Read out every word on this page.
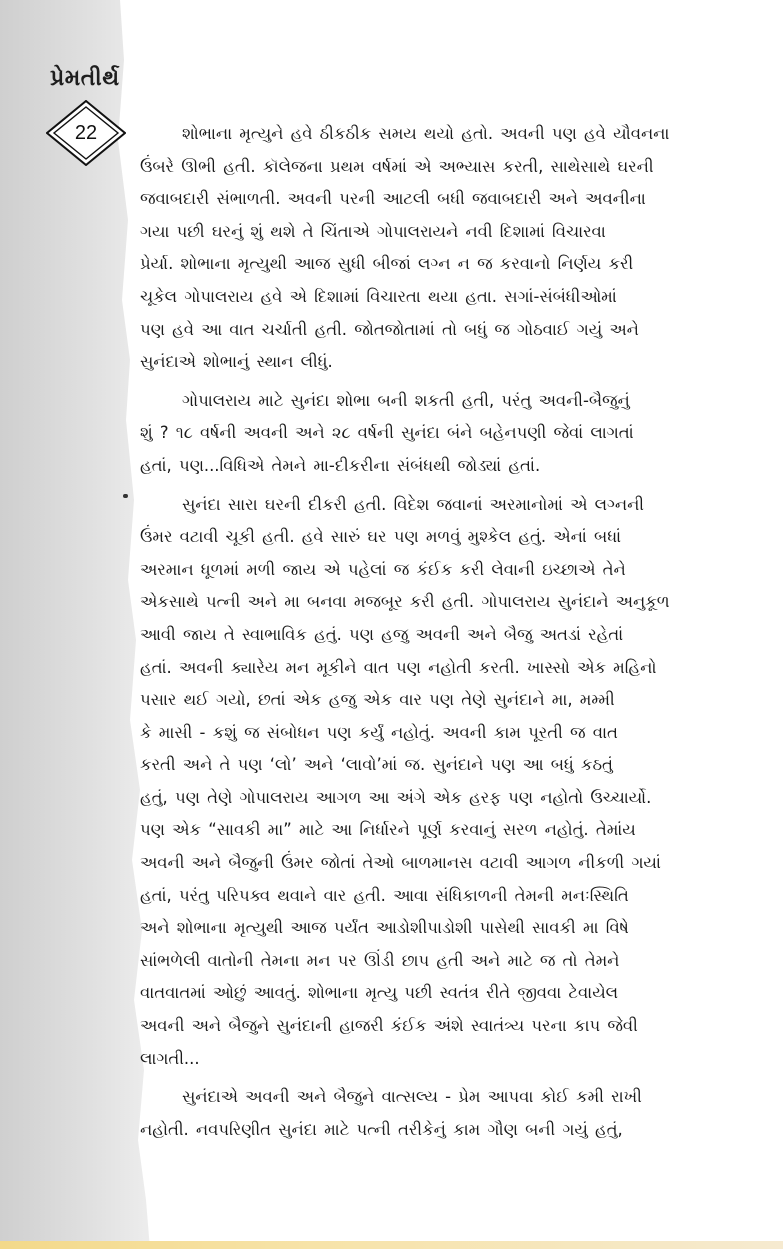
પ્રેમતીર્થ
22	શોભાના મૃત્યુને હવે ઠીકઠીક સમય થયો હતો. અવની પણ હવે યૌવનના
ઉંબરે ઊભી હતી. કૉલેજના પ્રથમ વર્ષમાં એ અભ્યાસ કરતી, સાથેસાથે ઘરની
જવાબદારી સંભાળતી. અવની પરની આટલી બધી જવાબદારી અને અવનીના
ગયા પછી ઘરનું શું થશે તે ચિંતાએ ગોપાલરાયને નવી દિશામાં વિચારવા
પ્રેર્યા. શોભાના મૃત્યુથી આજ સુધી બીજાં લગ્ન ન જ કરવાનો નિર્ણય કરી
ચૂકેલ ગોપાલરાય હવે એ દિશામાં વિચારતા થયા હતા. સગાં-સંબંધીઓમાં
પણ હવે આ વાત ચર્ચાતી હતી. જોતજોતામાં તો બધું જ ગોઠવાઈ ગયું અને
સુનંદાએ શોભાનું સ્થાન લીધું.
ગોપાલરાય માટે સુનંદા શોભા બની શકતી હતી, પરંતુ અવની-બૈજુનું
શું ? ૧૮ વર્ષની અવની અને ૨૮ વર્ષની સુનંદા બંને બહેનપણી જેવાં લાગતાં
હતાં, પણ...વિધિએ તેમને મા-દીકરીના સંબંધથી જોડ્યાં હતાં.
સુનંદા સારા ઘરની દીકરી હતી. વિદેશ જવાનાં અરમાનોમાં એ લગ્નની
ઉંમર વટાવી ચૂકી હતી. હવે સારું ઘર પણ મળવું મુશ્કેલ હતું. એનાં બધાં
અરમાન ધૂળમાં મળી જાય એ પહેલાં જ કંઈક કરી લેવાની ઇચ્છાએ તેને
એકસાથે પત્ની અને મા બનવા મજબૂર કરી હતી. ગોપાલરાય સુનંદાને અનુકૂળ
આવી જાય તે સ્વાભાવિક હતું. પણ હજુ અવની અને બૈજુ અતડાં રહેતાં
હતાં. અવની ક્યારેય મન મૂકીને વાત પણ નહોતી કરતી. ખાસ્સો એક મહિનો
પસાર થઈ ગયો, છતાં એક હજુ એક વાર પણ તેણે સુનંદાને મા, મમ્મી
કે માસી - કશું જ સંબોધન પણ કર્યું નહોતું. અવની કામ પૂરતી જ વાત
કરતી અને તે પણ ‘લો’ અને ‘લાવો’માં જ. સુનંદાને પણ આ બધું કઠતું
હતું, પણ તેણે ગોપાલરાય આગળ આ અંગે એક હરફ પણ નહોતો ઉચ્ચાર્યો.
પણ એક “સાવકી મા” માટે આ નિર્ધારને પૂર્ણ કરવાનું સરળ નહોતું. તેમાંય
અવની અને બૈજુની ઉંમર જોતાં તેઓ બાળમાનસ વટાવી આગળ નીકળી ગયાં
હતાં, પરંતુ પરિપક્વ થવાને વાર હતી. આવા સંધિકાળની તેમની મનઃસ્થિતિ
અને શોભાના મૃત્યુથી આજ પર્યંત આડોશીપાડોશી પાસેથી સાવકી મા વિષે
સાંભળેલી વાતોની તેમના મન પર ઊંડી છાપ હતી અને માટે જ તો તેમને
વાતવાતમાં ઓછું આવતું. શોભાના મૃત્યુ પછી સ્વતંત્ર રીતે જીવવા ટેવાયેલ
અવની અને બૈજુને સુનંદાની હાજરી કંઈક અંશે સ્વાતંત્ર્ય પરના કાપ જેવી
લાગતી...
સુનંદાએ અવની અને બૈજુને વાત્સલ્ય - પ્રેમ આપવા કોઈ કમી રાખી
નહોતી. નવપરિણીત સુનંદા માટે પત્ની તરીકેનું કામ ગૌણ બની ગયું હતું,
